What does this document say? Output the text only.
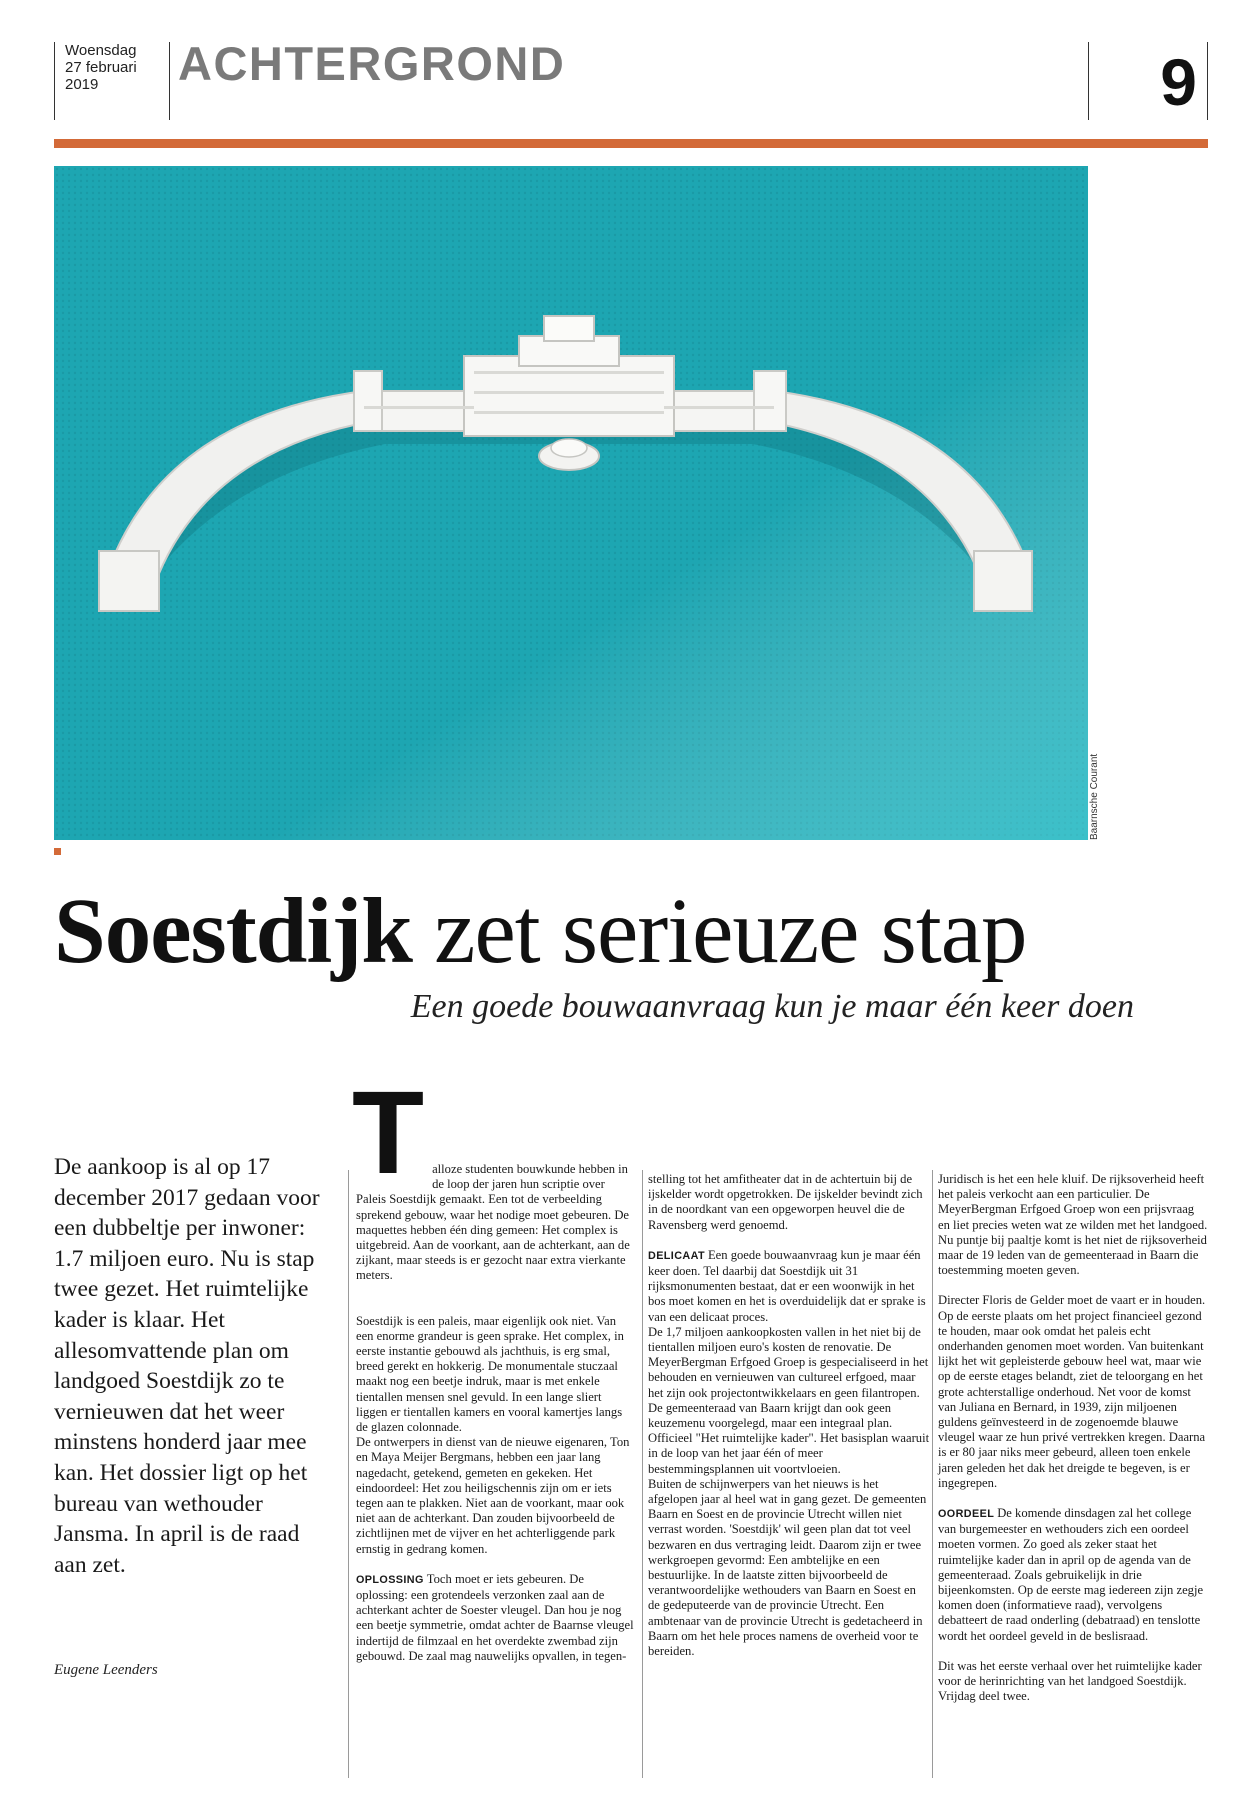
Woensdag
27 februari
2019	ACHTERGROND	9
Baarnsche Courant
Soestdijk zet serieuze stap
Een goede bouwaanvraag kun je maar één keer doen
De aankoop is al op 17 december 2017 gedaan voor een dubbeltje per inwoner: 1.7 miljoen euro. Nu is stap twee gezet. Het ruimtelijke kader is klaar. Het allesomvattende plan om landgoed Soestdijk zo te vernieuwen dat het weer minstens honderd jaar mee kan. Het dossier ligt op het bureau van wethouder Jansma. In april is de raad aan zet.
Eugene Leenders

T alloze studenten bouwkunde hebben in de loop der jaren hun scriptie over Paleis Soestdijk gemaakt. Een tot de verbeelding sprekend gebouw, waar het nodige moet gebeuren. De maquettes hebben één ding gemeen: Het complex is uitgebreid. Aan de voorkant, aan de achterkant, aan de zijkant, maar steeds is er gezocht naar extra vierkante meters.

Soestdijk is een paleis, maar eigenlijk ook niet. Van een enorme grandeur is geen sprake. Het complex, in eerste instantie gebouwd als jachthuis, is erg smal, breed gerekt en hokkerig. De monumentale stuczaal maakt nog een beetje indruk, maar is met enkele tientallen mensen snel gevuld. In een lange sliert liggen er tientallen kamers en vooral kamertjes langs de glazen colonnade.

De ontwerpers in dienst van de nieuwe eigenaren, Ton en Maya Meijer Bergmans, hebben een jaar lang nagedacht, getekend, gemeten en gekeken. Het eindoordeel: Het zou heiligschennis zijn om er iets tegen aan te plakken. Niet aan de voorkant, maar ook niet aan de achterkant. Dan zouden bijvoorbeeld de zichtlijnen met de vijver en het achterliggende park ernstig in gedrang komen.

OPLOSSING Toch moet er iets gebeuren. De oplossing: een grotendeels verzonken zaal aan de achterkant achter de Soester vleugel. Dan hou je nog een beetje symmetrie, omdat achter de Baarnse vleugel indertijd de filmzaal en het overdekte zwembad zijn gebouwd. De zaal mag nauwelijks opvallen, in tegen-

stelling tot het amfitheater dat in de achtertuin bij de ijskelder wordt opgetrokken. De ijskelder bevindt zich in de noordkant van een opgeworpen heuvel die de Ravensberg werd genoemd.

DELICAAT Een goede bouwaanvraag kun je maar één keer doen. Tel daarbij dat Soestdijk uit 31 rijksmonumenten bestaat, dat er een woonwijk in het bos moet komen en het is overduidelijk dat er sprake is van een delicaat proces.

De 1,7 miljoen aankoopkosten vallen in het niet bij de tientallen miljoen euro's kosten de renovatie. De MeyerBergman Erfgoed Groep is gespecialiseerd in het behouden en vernieuwen van cultureel erfgoed, maar het zijn ook projectontwikkelaars en geen filantropen.

De gemeenteraad van Baarn krijgt dan ook geen keuzemenu voorgelegd, maar een integraal plan. Officieel "Het ruimtelijke kader". Het basisplan waaruit in de loop van het jaar één of meer bestemmingsplannen uit voortvloeien.

Buiten de schijnwerpers van het nieuws is het afgelopen jaar al heel wat in gang gezet. De gemeenten Baarn en Soest en de provincie Utrecht willen niet verrast worden. 'Soestdijk' wil geen plan dat tot veel bezwaren en dus vertraging leidt. Daarom zijn er twee werkgroepen gevormd: Een ambtelijke en een bestuurlijke. In de laatste zitten bijvoorbeeld de verantwoordelijke wethouders van Baarn en Soest en de gedeputeerde van de provincie Utrecht. Een ambtenaar van de provincie Utrecht is gedetacheerd in Baarn om het hele proces namens de overheid voor te bereiden.

Juridisch is het een hele kluif. De rijksoverheid heeft het paleis verkocht aan een particulier. De MeyerBergman Erfgoed Groep won een prijsvraag en liet precies weten wat ze wilden met het landgoed. Nu puntje bij paaltje komt is het niet de rijksoverheid maar de 19 leden van de gemeenteraad in Baarn die toestemming moeten geven.

Directer Floris de Gelder moet de vaart er in houden. Op de eerste plaats om het project financieel gezond te houden, maar ook omdat het paleis echt onderhanden genomen moet worden. Van buitenkant lijkt het wit gepleisterde gebouw heel wat, maar wie op de eerste etages belandt, ziet de teloorgang en het grote achterstallige onderhoud. Net voor de komst van Juliana en Bernard, in 1939, zijn miljoenen guldens geïnvesteerd in de zogenoemde blauwe vleugel waar ze hun privé vertrekken kregen. Daarna is er 80 jaar niks meer gebeurd, alleen toen enkele jaren geleden het dak het dreigde te begeven, is er ingegrepen.

OORDEEL De komende dinsdagen zal het college van burgemeester en wethouders zich een oordeel moeten vormen. Zo goed als zeker staat het ruimtelijke kader dan in april op de agenda van de gemeenteraad. Zoals gebruikelijk in drie bijeenkomsten. Op de eerste mag iedereen zijn zegje komen doen (informatieve raad), vervolgens debatteert de raad onderling (debatraad) en tenslotte wordt het oordeel geveld in de beslisraad.

Dit was het eerste verhaal over het ruimtelijke kader voor de herinrichting van het landgoed Soestdijk. Vrijdag deel twee.
